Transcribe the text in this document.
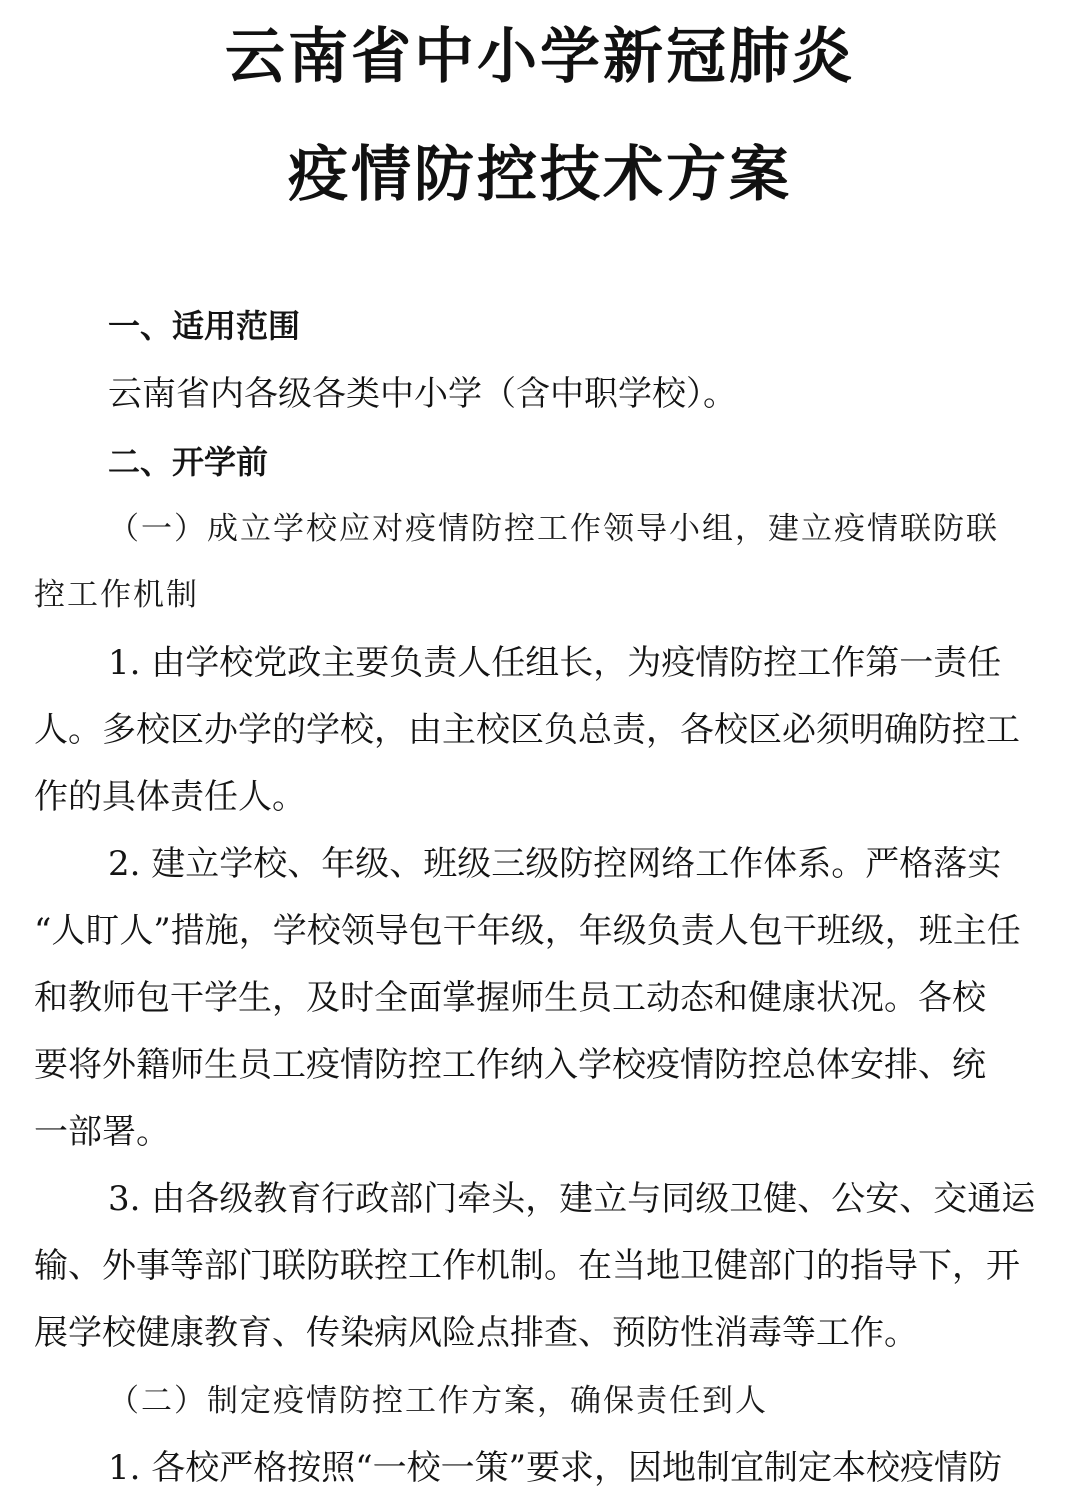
云南省中小学新冠肺炎
疫情防控技术方案

一、适用范围

云南省内各级各类中小学（含中职学校）。

二、开学前

（一）成立学校应对疫情防控工作领导小组，建立疫情联防联

控工作机制

1. 由学校党政主要负责人任组长，为疫情防控工作第一责任

人。多校区办学的学校，由主校区负总责，各校区必须明确防控工

作的具体责任人。

2. 建立学校、年级、班级三级防控网络工作体系。严格落实

“人盯人”措施，学校领导包干年级，年级负责人包干班级，班主任

和教师包干学生，及时全面掌握师生员工动态和健康状况。各校

要将外籍师生员工疫情防控工作纳入学校疫情防控总体安排、统

一部署。

3. 由各级教育行政部门牵头，建立与同级卫健、公安、交通运

输、外事等部门联防联控工作机制。在当地卫健部门的指导下，开

展学校健康教育、传染病风险点排查、预防性消毒等工作。

（二）制定疫情防控工作方案，确保责任到人

1. 各校严格按照“一校一策”要求，因地制宜制定本校疫情防
